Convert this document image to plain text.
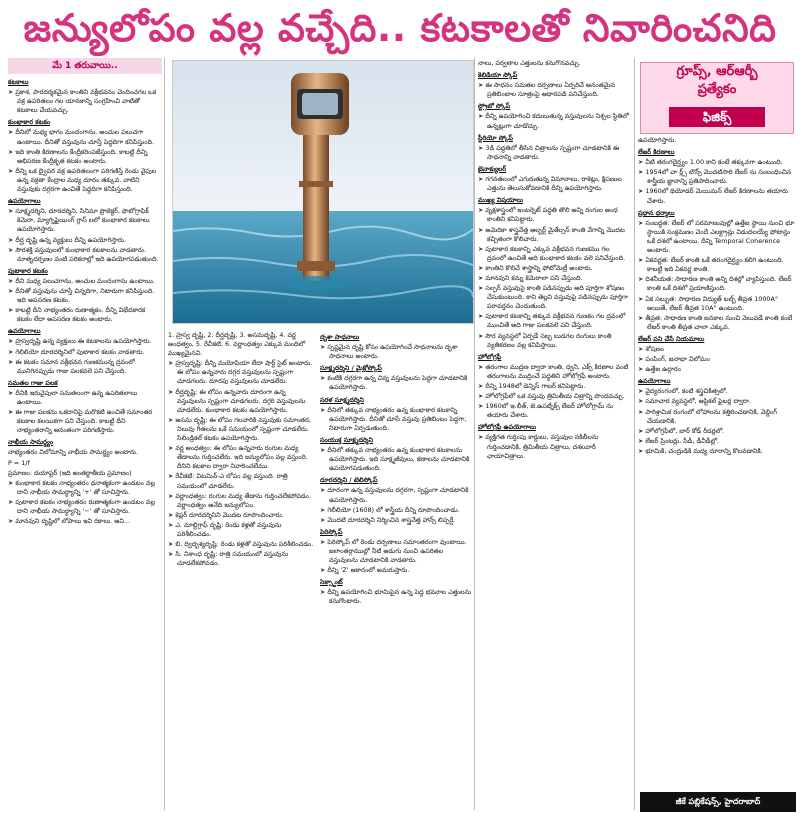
జన్యులోపం వల్ల వచ్చేది.. కటకాలతో నివారించనిది
మే 1 తరువాయి..
కటకాలు
➤ ప్రకాశ, పారదర్శకమైన కాంతిని వక్రీభవనం చెందించగల ఒక వక్ర ఉపరితలం గల యానకాన్ని సంగ్రహించి వాటితో కటకాలు చేయవచ్చు.
కుంభాకార కటకం
➤ దీనిలో మధ్య భాగం మందంగాను, అంచుల పలుచగా ఉంటాయి. దీనితో వస్తువును చూస్తే పెద్దదిగా కనిపిస్తుంది.
➤ ఇది కాంతి కిరణాలను కేంద్రీకరింపజేస్తుంది. కాబట్టి దీన్ని అభిసరణ కేంద్రీకృత కటకం అంటారు.
➤ దీన్ని ఒక ద్వైపర వక్ర ఉపరితలంగా పరిగణిస్తే రెండు వైపుల ఉన్న వక్రతా కేంద్రాల మధ్య దూరం తక్కువ. వాటిని వస్తువుకు దగ్గరగా ఉంచితే పెద్దదిగా కనిపిస్తుంది.
ఉపయోగాలు
➤ సూక్ష్మదర్శిని, దూరదర్శిని, సినిమా ప్రొజెక్టర్, ఫొటోగ్రాఫిక్ కెమెరా, మ్యాగ్నిఫైయింగ్ గ్లాస్ లలో కుంభాకార కటకాలు ఉపయోగిస్తారు.
➤ దీర్ఘ దృష్టి ఉన్న వ్యక్తులు దీన్ని ఉపయోగిస్తారు.
➤ సౌరశక్తి వస్తువులలో కుంభాకార కటకాలను వాడతారు. మాతృదర్పణం వంటి పరికరాల్లో ఇది ఉపయోగపడుతుంది.
పుటాకార కటకం
➤ దీని మధ్య పలుచగాను, అంచుల మందంగాను ఉంటాయి.
➤ దీనితో వస్తువును చూస్తే చిన్నదిగా, నిటారుగా కనిపిస్తుంది. ఇది అపసరణ కటకం.
➤ కాబట్టి దీని నాభ్యంతరం రుణాత్మకం. దీన్ని విభేదకారక కటకం లేదా అపసరణ కటకం అంటారు.
ఉపయోగాలు
➤ హ్రస్వదృష్టి ఉన్న వ్యక్తులు ఈ కటకాలను ఉపయోగిస్తారు.
➤ గెలిలియో దూరదర్శినిలో పుటాకార కటకం వాడతారు.
➤ ఈ కటకం సమాన వక్రీభవన గుణకమున్న ద్రవంలో మునిగినప్పుడు గాజు పలకవలె పని చేస్తుంది.
సమతల గాజు పలక
➤ దీనికి ఇరువైపులా సమతలంగా ఉన్న ఉపరితలాలు ఉంటాయి.
➤ ఈ గాజు పలకను ఒకదానిపై మరొకటి ఉంచితే సమాంతర కటకాల కలయికగా పని చేస్తుంది. కాబట్టి దీని నాభ్యంతరాన్ని అనంతంగా పరిగణిస్తారు.
నాభీయ సామర్థ్యం
నాభ్యంతరం విలోమాన్ని నాభీయ సామర్థ్యం అంటారు.
P = 1/f
ప్రమాణం: డయాప్టర్ (ఇది అంతర్జాతీయ ప్రమాణం)
➤ కుంభాకార కటకం నాభ్యంతరం ధనాత్మకంగా ఉండటం వల్ల దాని నాభీయ సామర్థ్యాన్ని '+' తో సూచిస్తారు.
➤ పుటాకార కటకం నాభ్యంతరం రుణాత్మకంగా ఉండటం వల్ల దాని నాభీయ సామర్థ్యాన్ని '−' తో సూచిస్తారు.
➤ మానవుని దృష్టిలో లోపాలు ఇవి రకాలు. అవి...
1. హ్రస్వ దృష్టి, 2. దీర్ఘదృష్టి, 3. అసమదృష్టి, 4. వర్ణ అంధత్వం, 5. రేచీకటి, 6. వర్ణాంధత్వం ఎక్కువ మందిలో ముఖ్యమైనవి.
➤ హ్రస్వదృష్టి: దీన్ని మయోపియా లేదా షార్ట్ సైట్ అంటారు. ఈ లోపం ఉన్నవారు దగ్గర వస్తువులను స్పష్టంగా చూడగలరు. దూరపు వస్తువులను చూడలేరు.
➤ దీర్ఘదృష్టి: ఈ లోపం ఉన్నవారు దూరంగా ఉన్న వస్తువులను స్పష్టంగా చూడగలరు. దగ్గరి వస్తువులను చూడలేరు. కుంభాకార కటకం ఉపయోగిస్తారు.
➤ అసమ దృష్టి: ఈ లోపం గలవారికి వస్తువుకు సమాంతర, నిలువు గీతలను ఒకే సమయంలో స్పష్టంగా చూడలేరు. సిలిండ్రికల్ కటకం ఉపయోగిస్తారు.
➤ వర్ణ అంధత్వం: ఈ లోపం ఉన్నవారు రంగుల మధ్య తేడాలను గుర్తించలేరు. ఇది జన్యులోపం వల్ల వస్తుంది. దీనిని కటకాల ద్వారా నివారించలేము.
➤ రేచీకటి: విటమిన్-ఎ లోపం వల్ల వస్తుంది. రాత్రి సమయంలో చూడలేరు.
➤ వర్ణాంధత్వం: రంగుల మధ్య తేడాను గుర్తించలేకపోవడం. వర్ణాంధత్వం అనేది జన్యులోపం.
➤ కెప్లర్ దూరదర్శినిని మొదట రూపొందించారు.
➤ ఎ. మాల్టిగ్రాఫ్ దృష్టి: రెండు కళ్లతో వస్తువును పరిశీలించడం.
➤ బి. ద్విదృశ్యదృష్టి: రెండు కళ్లతో వస్తువును పరిశీలించడం.
➤ సి. నిశాంధ దృష్టి: రాత్రి సమయంలో వస్తువును చూడలేకపోవడం.
దృశా సాధనాలు
➤ స్పష్టమైన దృష్టి కోసం ఉపయోగించే సాధనాలను దృశా సాధనాలు అంటారు.
సూక్ష్మదర్శిని / మైక్రోస్కోప్
➤ కంటికి దగ్గరగా ఉన్న చిన్న వస్తువులను పెద్దగా చూడటానికి ఉపయోగిస్తారు.
సరళ సూక్ష్మదర్శిని
➤ దీనిలో తక్కువ నాభ్యంతరం ఉన్న కుంభాకార కటకాన్ని ఉపయోగిస్తారు. దీనితో చూసే వస్తువు ప్రతిబింబం పెద్దగా, నిటారుగా ఏర్పడుతుంది.
సంయుక్త సూక్ష్మదర్శిని
➤ దీనిలో తక్కువ నాభ్యంతరం ఉన్న కుంభాకార కటకాలను ఉపయోగిస్తారు. ఇది సూక్ష్మజీవులు, కణాలను చూడటానికి ఉపయోగపడుతుంది.
దూరదర్శిని / టెలిస్కోప్
➤ దూరంగా ఉన్న వస్తువులను దగ్గరగా, స్పష్టంగా చూడటానికి ఉపయోగిస్తారు.
➤ గెలీలియో (1608) లో శాస్త్రీయ దీన్ని రూపొందించాడు.
➤ మొదటి దూరదర్శిని నిర్మించిన శాస్త్రవేత్త హాన్స్ లిప్పర్షే.
పెరిస్కోప్
➤ పెరిస్కోప్ లో రెండు దర్పణాలు సమాంతరంగా వుంటాయి. జలాంతర్గాముల్లో నీటి అడుగు నుంచి ఉపరితల వస్తువులను చూడటానికి వాడతారు.
➤ దీన్ని 'Z' ఆకారంలో అమరుస్తారు.
సెక్స్టాంట్
➤ దీన్ని ఉపయోగించి భూమిపైన ఉన్న పెద్ద భవనాల ఎత్తులను కనుగొంటారు.
నాలు, పర్వతాల ఎత్తులను కనుగొనవచ్చు.
కెలిడియా స్కోప్
➤ ఈ సాధనం సమతల దర్పణాలు ఏర్పరిచే అనంతమైన ప్రతిబింబాల సూత్రంపై ఆధారపడి పనిచేస్తుంది.
స్ట్రోబో స్కోప్
➤ దీన్ని ఉపయోగించి కదులుతున్న వస్తువులను నిశ్చల స్థితిలో ఉన్నట్లుగా చూడొచ్చు.
స్టీరియో స్కోప్
➤ 3డి పద్ధతిలో తీసిన చిత్రాలను స్పష్టంగా చూడటానికి ఈ సాధనాన్ని వాడతారు.
బైనాక్యులర్
➤ గగనతలంలో ఎగురుతున్న విమానాలు, రాకెట్లు, క్షిపణుల ఎత్తును తెలుసుకోవడానికి దీన్ని ఉపయోగిస్తారు.
ముఖ్య విషయాలు
➤ వృక్షశాస్త్రంలో ఇంటర్నెట్ పద్ధతి తొలి అన్ని రంగుల అంధ కాంతిని కనిపెట్టారు.
➤ అమెరికా శాస్త్రవేత్త ఆల్బర్ట్ మైకేల్సన్ కాంతి వేగాన్ని మొదట కచ్చితంగా కొలిచారు.
➤ పుటాకార కటకాన్ని ఎక్కువ వక్రీభవన గుణకము గల ద్రవంలో ఉంచితే అది కుంభాకార కటకం వలె పనిచేస్తుంది.
➤ కాంతిని కొలిచే శాస్త్రాన్ని ఫోటోమెట్రీ అంటారు.
➤ మానవుని కన్ను కెమెరాలా పని చేస్తుంది.
➤ సల్ఫర్ వస్తువుపై కాంతి పడినప్పుడు అది పూర్తిగా శోషణం చేసుకుంటుంది. కాని తెల్లని వస్తువుపై పడినప్పుడు పూర్తిగా పరావర్తనం చెందుతుంది.
➤ పుటాకార కటకాన్ని తక్కువ వక్రీభవన గుణకం గల ద్రవంలో ముంచితే అది గాజు పలకవలె పని చేస్తుంది.
➤ సౌర వ్యవస్థలో ఏర్పడే సబ్బ బుడగల రంగులు కాంతి వ్యతికరణం వల్ల కనిపిస్తాయి.
హోలోగ్రఫీ
➤ తరంగాల ముద్రణ ద్వారా కాంతి, ధ్వని, ఎక్స్ కిరణాల వంటి తరంగాలను ముద్రించే పద్ధతిని హోలోగ్రఫీ అంటారు.
➤ దీన్ని 1948లో డెన్నిస్ గాబర్ కనిపెట్టారు.
➤ హోలోగ్రఫీలో ఒక వస్తువు త్రిమితీయ చిత్రాన్ని పొందవచ్చు.
➤ 1960లో ఇ.లీత్, జె.ఉపట్నీక్స్ లేజర్ హోలోగ్రామ్ ను తయారు చేశారు.
హోలోగ్రఫీ ఉపయోగాలు
➤ వ్యక్తిగత గుర్తింపు కార్డులు, వస్తువుల నకిలీలను గుర్తించడానికి, త్రిమితీయ చిత్రాలు, దశలవారీ ఛాయాచిత్రాలు.
గ్రూప్స్, ఆర్ఆర్బీ
ప్రత్యేకం
ఫిజిక్స్
ఉపయోగిస్తారు.
లేజర్ కిరణాలు
➤ వీటి తరంగదైర్ఘ్యం 1.00 కాని కంటే తక్కువగా ఉంటుంది.
➤ 1954లో చా ర్ల్స్ టౌన్స్ మొదటిసారి లేజర్ ను సంబంధించిన శాస్త్రీయ జ్ఞానాన్ని ప్రతిపాదించారు.
➤ 1960లో థియోడర్ మెయిమన్ లేజర్ కిరణాలను తయారు చేశారు.
ప్రధాన ధర్మాలు
➤ సంబద్ధత: లేజర్ లో పరమాణువుల్లో ఉత్తేజ స్థాయి నుంచి భూ స్థాయికి సంక్రమణం చెందే ఎలక్ట్రాన్లు విడుదలయ్యే ఫోటాన్లు ఒకే దశలో ఉంటాయి. దీన్ని Temporal Coherence అంటారు.
➤ ఏకవర్ణత: లేజర్ కాంతి ఒకే తరంగదైర్ఘ్యం కలిగి ఉంటుంది. కాబట్టి ఇది ఏకవర్ణ కాంతి.
➤ దిశనీయత: సాధారణ కాంతి అన్ని దిశల్లో వ్యాపిస్తుంది. లేజర్ కాంతి ఒకే దిశలో ప్రయాణిస్తుంది.
➤ ఏక సబ్బుత: సాధారణ విద్యుత్ బల్బ్ తీవ్రత 1000A° అయితే, లేజర్ తీవ్రత 10A° ఉంటుంది.
➤ తీవ్రత: సాధారణ కాంతి జనకాల నుంచి వెలువడే కాంతి కంటే లేజర్ కాంతి తీవ్రత చాలా ఎక్కువ.
లేజర్ పని చేసే నియమాలు
➤ శోషణం
➤ పంపింగ్, జనాభా విలోమం
➤ ఉత్తేజ ఉద్గారం
ఉపయోగాలు
➤ వైద్యరంగంలో, కంటి శస్త్రచికిత్సలో.
➤ సమాచార వ్యవస్థలో, ఆప్టికల్ ఫైబర్ల ద్వారా.
➤ పారిశ్రామిక రంగంలో లోహాలను కత్తిరించడానికి, వెల్డింగ్ చేయడానికి.
➤ హోలోగ్రఫీలో, బార్ కోడ్ రీడర్లలో.
➤ లేజర్ ప్రింటర్లు, సీడీ, డీవీడీల్లో.
➤ భూమికి, చంద్రుడికి మధ్య దూరాన్ని కొలవడానికి.
జీకే పబ్లికేషన్స్, హైదరాబాద్
